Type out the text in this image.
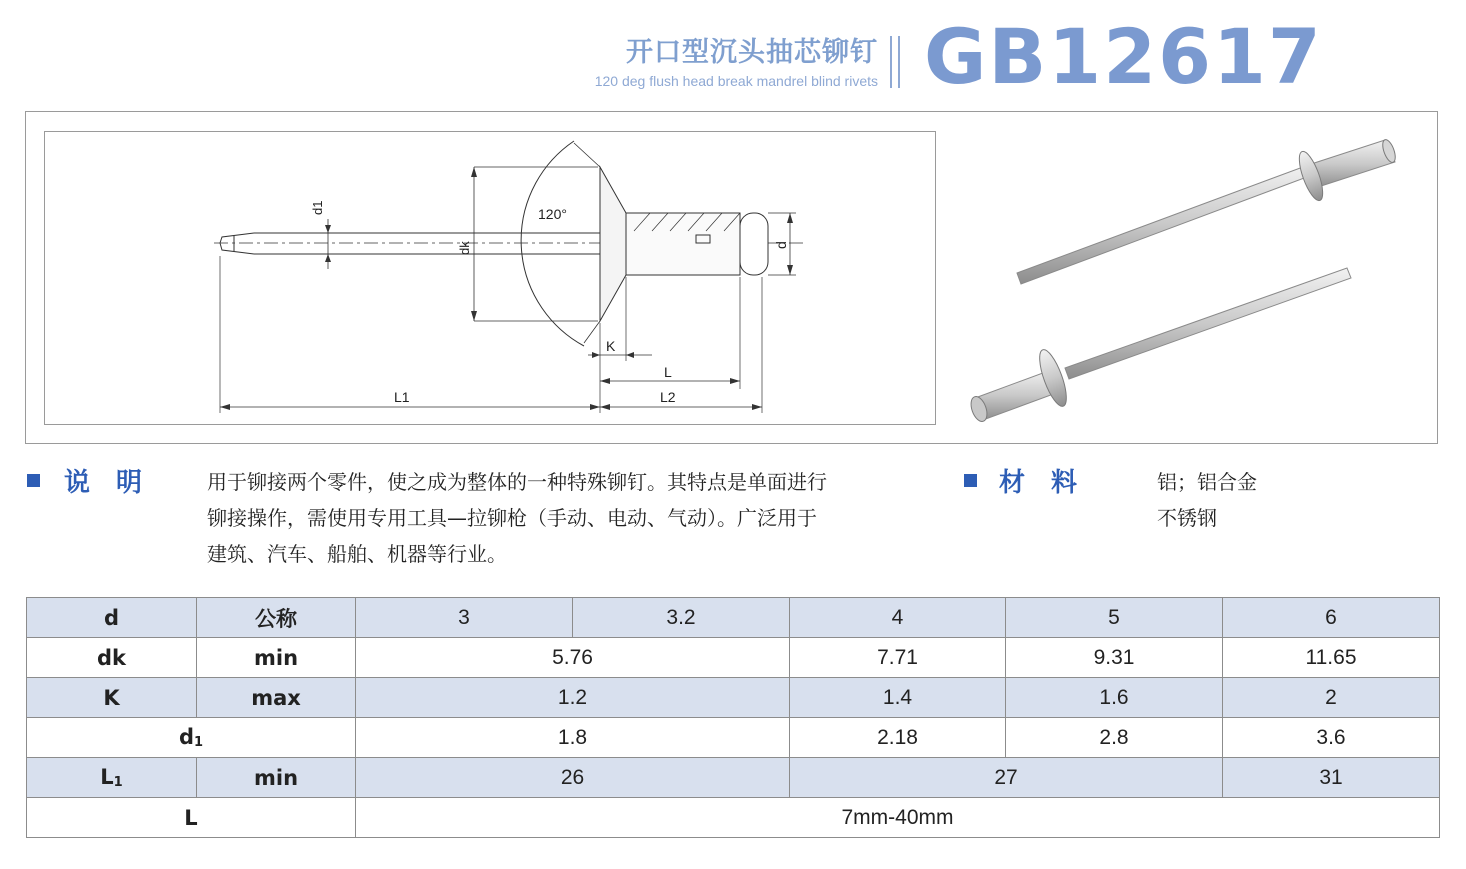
开口型沉头抽芯铆钉
120 deg flush head break mandrel blind rivets GB12617
120°
d1
dk	d
K
L
L1	L2
说　明	用于铆接两个零件，使之成为整体的一种特殊铆钉。其特点是单面进行铆接操作，需使用专用工具—拉铆枪（手动、电动、气动）。广泛用于建筑、汽车、船舶、机器等行业。
材　料	铝；铝合金
不锈钢
d	公称	3	3.2	4	5	6
dk	min	5.76		7.71	9.31	11.65
K	max	1.2		1.4	1.6	2
$d_1$		1.8		2.18	2.8	3.6
$L_1$	min	26		27		31
L		7mm-40mm				
